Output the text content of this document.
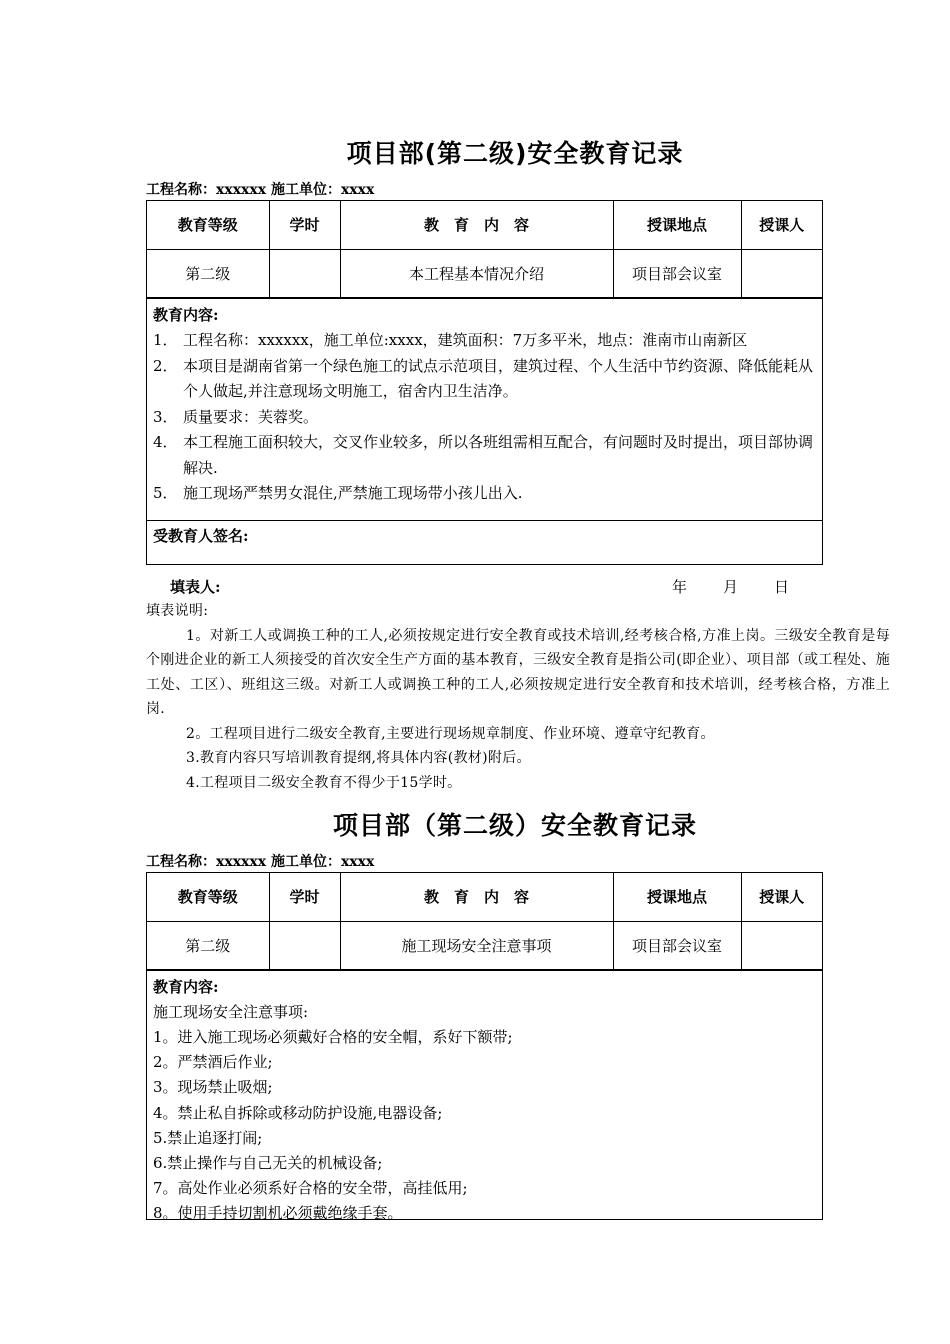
项目部(第二级)安全教育记录
工程名称：xxxxxx 施工单位：xxxx
教育等级	学时	教　育　内　容	授课地点	授课人
第二级		本工程基本情况介绍	项目部会议室	
教育内容:
1． 工程名称：xxxxxx，施工单位:xxxx，建筑面积：7万多平米，地点：淮南市山南新区
2． 本项目是湖南省第一个绿色施工的试点示范项目，建筑过程、个人生活中节约资源、降低能耗从个人做起,并注意现场文明施工，宿舍内卫生洁净。
3． 质量要求：芙蓉奖。
4． 本工程施工面积较大，交叉作业较多，所以各班组需相互配合，有问题时及时提出，项目部协调解决.
5． 施工现场严禁男女混住,严禁施工现场带小孩儿出入.
受教育人签名:
填表人:	年 月 日
填表说明:
1。对新工人或调换工种的工人,必须按规定进行安全教育或技术培训,经考核合格,方准上岗。三级安全教育是每个刚进企业的新工人须接受的首次安全生产方面的基本教育，三级安全教育是指公司(即企业）、项目部（或工程处、施工处、工区）、班组这三级。对新工人或调换工种的工人,必须按规定进行安全教育和技术培训，经考核合格，方准上岗.
2。工程项目进行二级安全教育,主要进行现场规章制度、作业环境、遵章守纪教育。
3.教育内容只写培训教育提纲,将具体内容(教材)附后。
4.工程项目二级安全教育不得少于15学时。
项目部（第二级）安全教育记录
工程名称：xxxxxx 施工单位：xxxx
教育等级	学时	教　育　内　容	授课地点	授课人
第二级		施工现场安全注意事项	项目部会议室	
教育内容:
施工现场安全注意事项:
1。进入施工现场必须戴好合格的安全帽，系好下额带;
2。严禁酒后作业;
3。现场禁止吸烟;
4。禁止私自拆除或移动防护设施,电器设备;
5.禁止追逐打闹;
6.禁止操作与自己无关的机械设备;
7。高处作业必须系好合格的安全带，高挂低用;
8。使用手持切割机必须戴绝缘手套。
